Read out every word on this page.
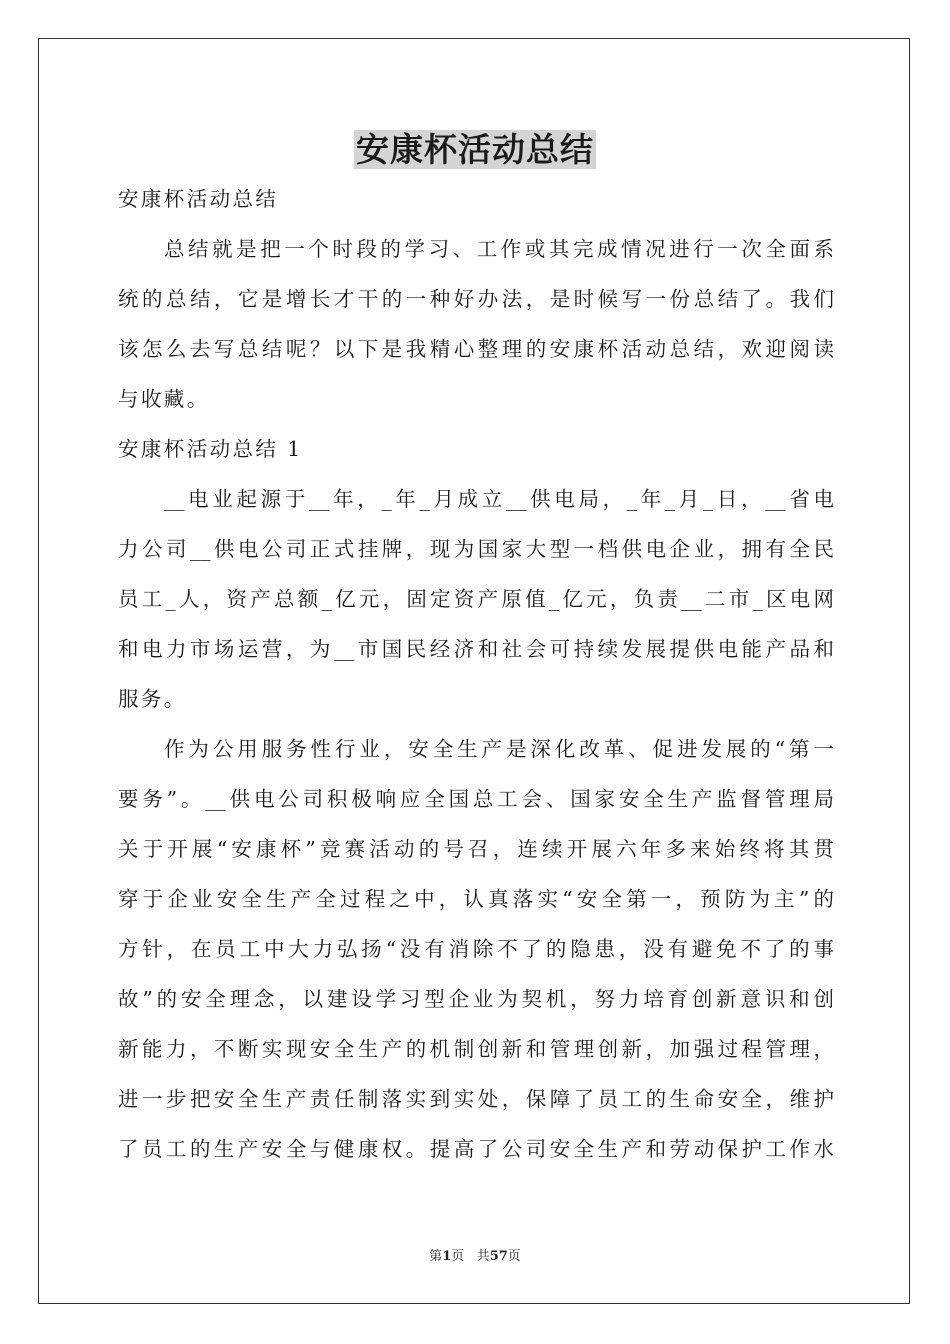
安康杯活动总结
安康杯活动总结
总结就是把一个时段的学习、工作或其完成情况进行一次全面系
统的总结，它是增长才干的一种好办法，是时候写一份总结了。我们
该怎么去写总结呢？以下是我精心整理的安康杯活动总结，欢迎阅读
与收藏。
安康杯活动总结 1
__电业起源于__年，_年_月成立__供电局，_年_月_日，__省电
力公司__供电公司正式挂牌，现为国家大型一档供电企业，拥有全民
员工_人，资产总额_亿元，固定资产原值_亿元，负责__二市_区电网
和电力市场运营，为__市国民经济和社会可持续发展提供电能产品和
服务。
作为公用服务性行业，安全生产是深化改革、促进发展的“第一
要务”。__供电公司积极响应全国总工会、国家安全生产监督管理局
关于开展“安康杯”竞赛活动的号召，连续开展六年多来始终将其贯
穿于企业安全生产全过程之中，认真落实“安全第一，预防为主”的
方针，在员工中大力弘扬“没有消除不了的隐患，没有避免不了的事
故”的安全理念，以建设学习型企业为契机，努力培育创新意识和创
新能力，不断实现安全生产的机制创新和管理创新，加强过程管理，
进一步把安全生产责任制落实到实处，保障了员工的生命安全，维护
了员工的生产安全与健康权。提高了公司安全生产和劳动保护工作水
第1页 共57页
